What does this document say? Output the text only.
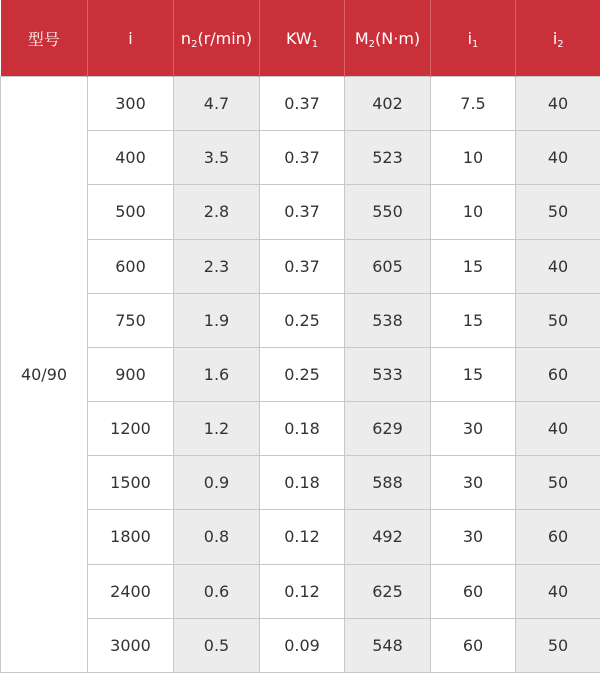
型号	i	$n_2(r/\min)$	$KW_1$	$M_2(N\cdot m)$	$i_1$	$i_2$
40/90	300	4.7	0.37	402	7.5	40
	400	3.5	0.37	523	10	40
	500	2.8	0.37	550	10	50
	600	2.3	0.37	605	15	40
	750	1.9	0.25	538	15	50
	900	1.6	0.25	533	15	60
	1200	1.2	0.18	629	30	40
	1500	0.9	0.18	588	30	50
	1800	0.8	0.12	492	30	60
	2400	0.6	0.12	625	60	40
	3000	0.5	0.09	548	60	50
